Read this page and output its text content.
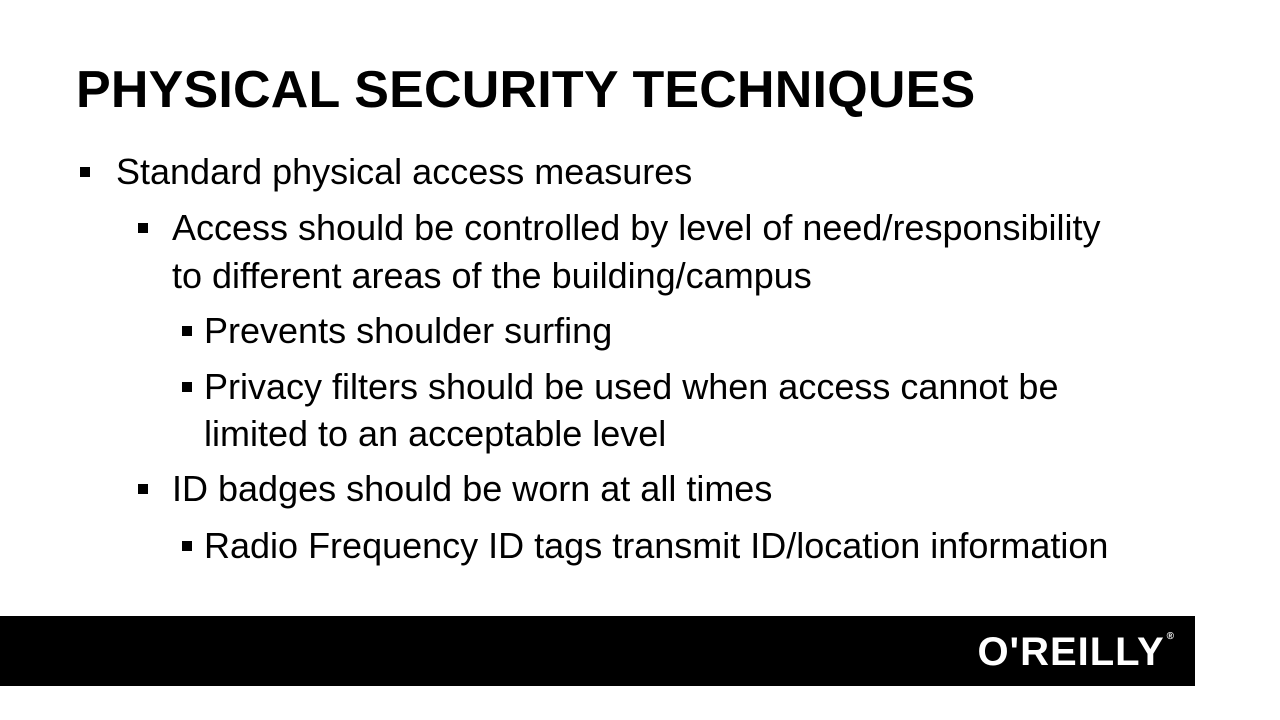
PHYSICAL SECURITY TECHNIQUES
Standard physical access measures
Access should be controlled by level of need/responsibility
to different areas of the building/campus
Prevents shoulder surfing
Privacy filters should be used when access cannot be
limited to an acceptable level
ID badges should be worn at all times
Radio Frequency ID tags transmit ID/location information
O'REILLY ®
